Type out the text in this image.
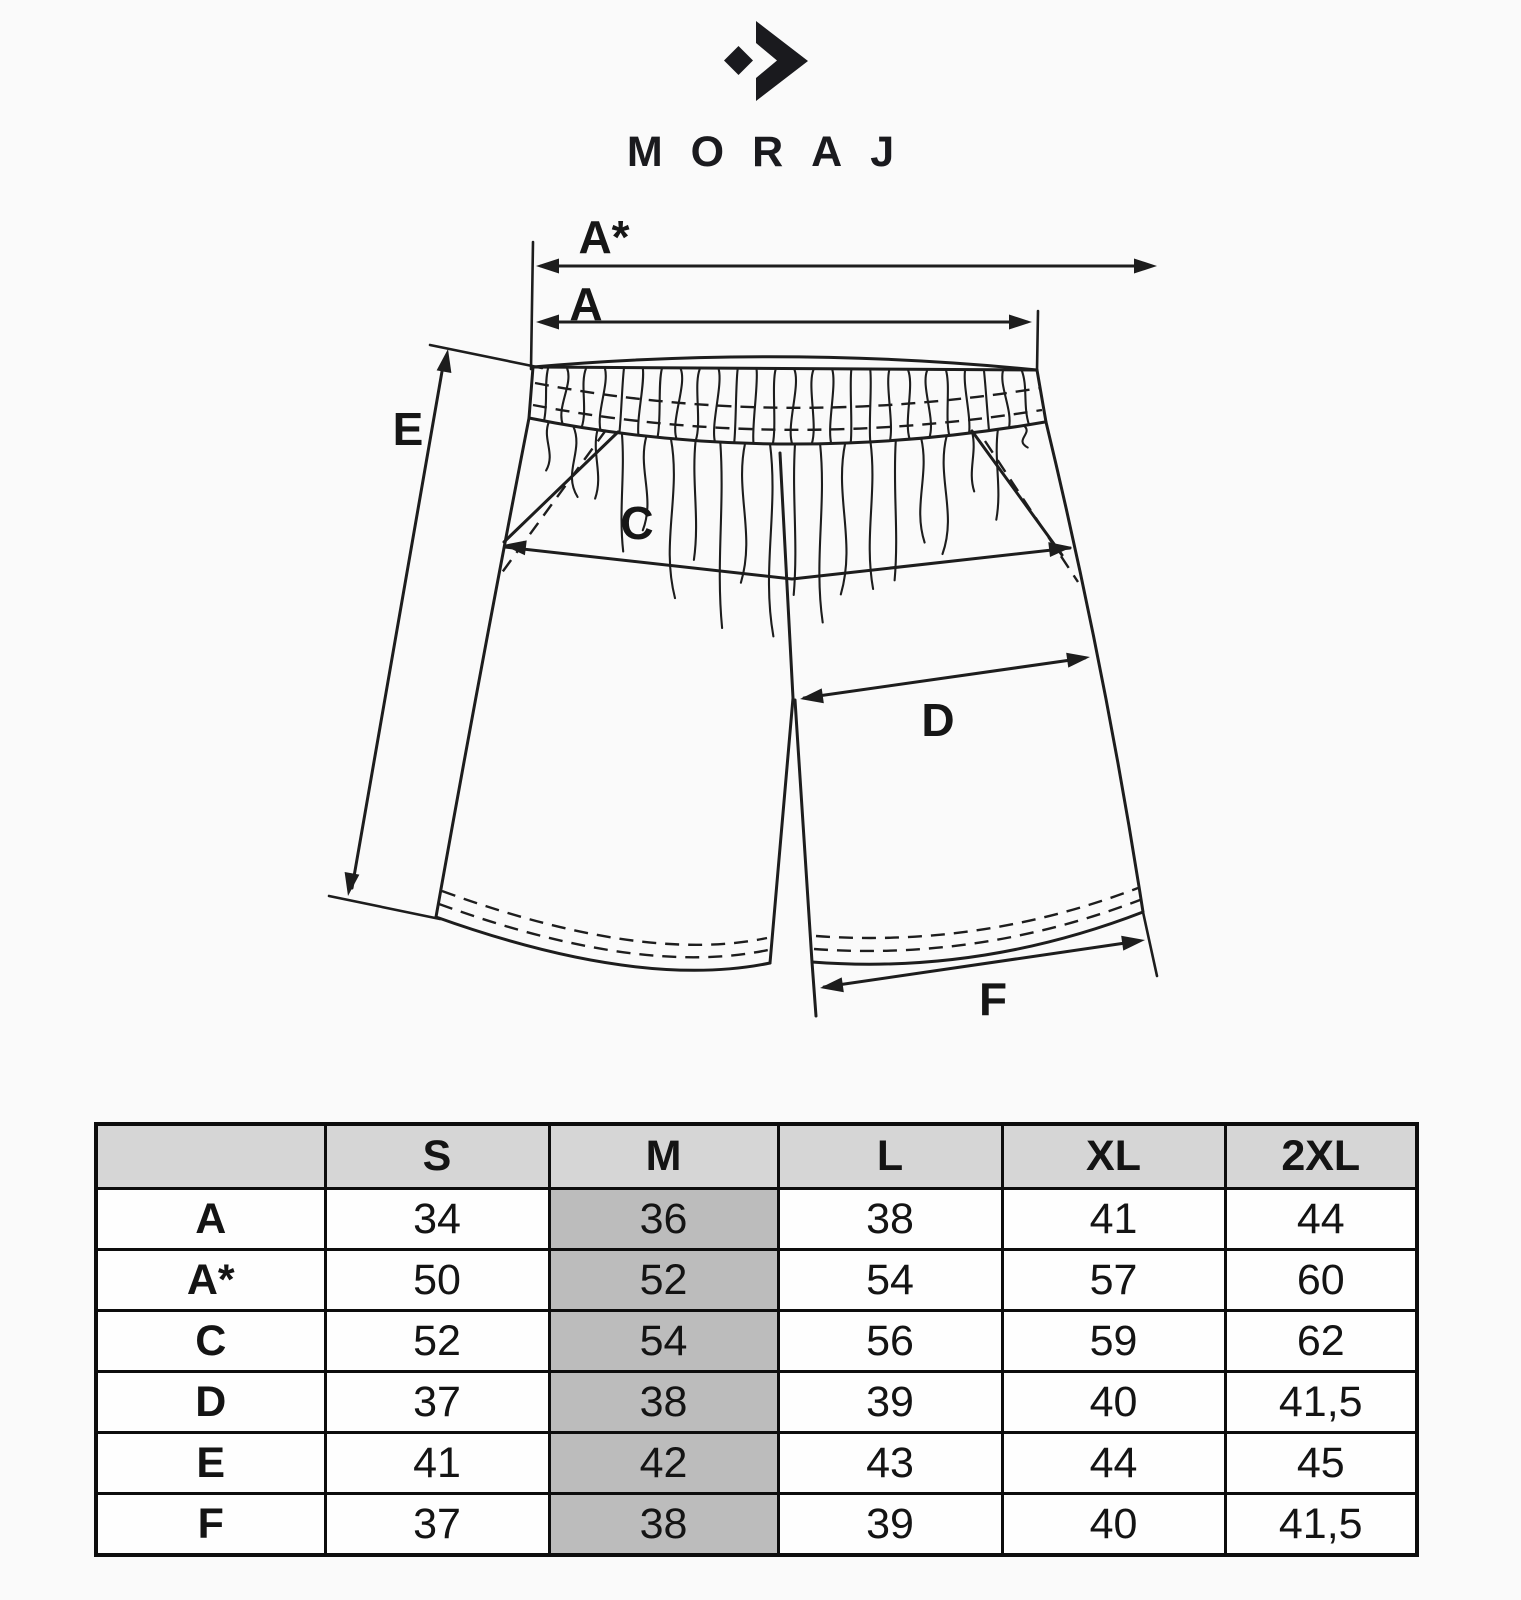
MORAJ
A*
A
C
D
E
F
	S	M	L	XL	2XL
A	34	36	38	41	44
A*	50	52	54	57	60
C	52	54	56	59	62
D	37	38	39	40	41,5
E	41	42	43	44	45
F	37	38	39	40	41,5
